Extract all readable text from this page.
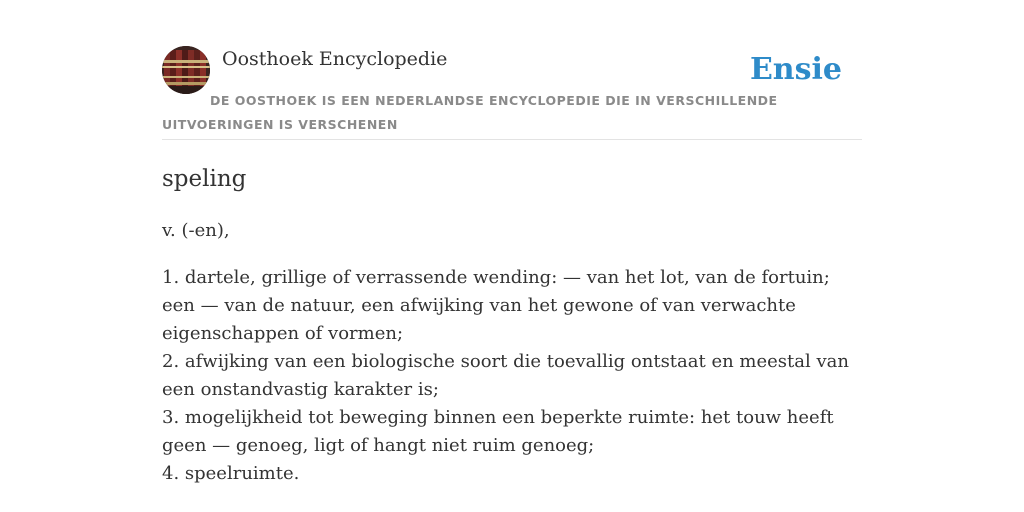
Oosthoek Encyclopedie	Ensie
DE OOSTHOEK IS EEN NEDERLANDSE ENCYCLOPEDIE DIE IN VERSCHILLENDE UITVOERINGEN IS VERSCHENEN
speling
v. (-en),
1. dartele, grillige of verrassende wending: — van het lot, van de fortuin; een — van de natuur, een afwijking van het gewone of van verwachte eigenschappen of vormen;
2. afwijking van een biologische soort die toevallig ontstaat en meestal van een onstandvastig karakter is;
3. mogelijkheid tot beweging binnen een beperkte ruimte: het touw heeft geen — genoeg, ligt of hangt niet ruim genoeg;
4. speelruimte.
